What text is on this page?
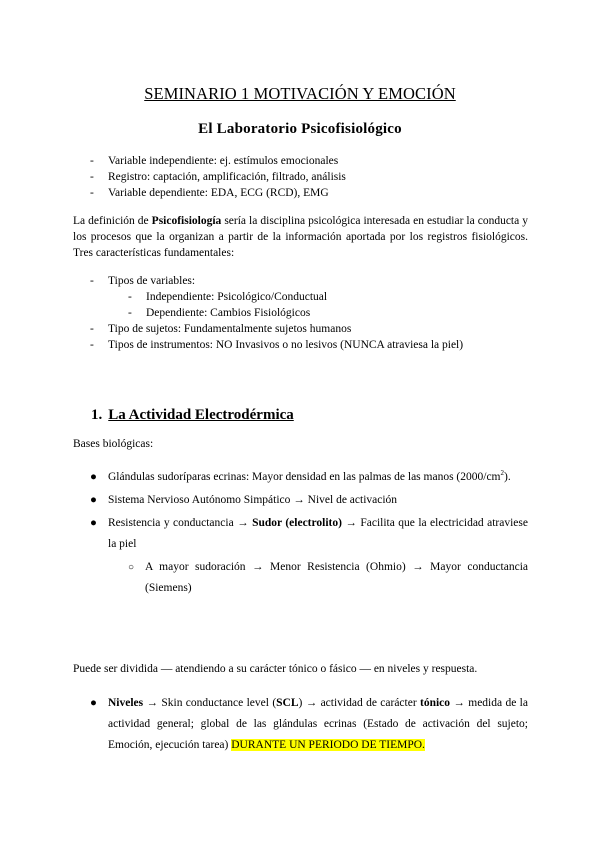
SEMINARIO 1 MOTIVACIÓN Y EMOCIÓN
El Laboratorio Psicofisiológico
- Variable independiente: ej. estímulos emocionales
- Registro: captación, amplificación, filtrado, análisis
- Variable dependiente: EDA, ECG (RCD), EMG
La definición de Psicofisiología sería la disciplina psicológica interesada en estudiar la conducta y los procesos que la organizan a partir de la información aportada por los registros fisiológicos. Tres características fundamentales:
- Tipos de variables:
- Independiente: Psicológico/Conductual
- Dependiente: Cambios Fisiológicos
- Tipo de sujetos: Fundamentalmente sujetos humanos
- Tipos de instrumentos: NO Invasivos o no lesivos (NUNCA atraviesa la piel)
1. La Actividad Electrodérmica
Bases biológicas:
● Glándulas sudoríparas ecrinas: Mayor densidad en las palmas de las manos $(2000/cm^2)$.
● Sistema Nervioso Autónomo Simpático → Nivel de activación
● Resistencia y conductancia → Sudor (electrolito) → Facilita que la electricidad atraviese la piel
○ A mayor sudoración → Menor Resistencia (Ohmio) → Mayor conductancia (Siemens)
Puede ser dividida — atendiendo a su carácter tónico o fásico — en niveles y respuesta.
● Niveles → Skin conductance level (SCL) → actividad de carácter tónico → medida de la actividad general; global de las glándulas ecrinas (Estado de activación del sujeto; Emoción, ejecución tarea) DURANTE UN PERIODO DE TIEMPO.
